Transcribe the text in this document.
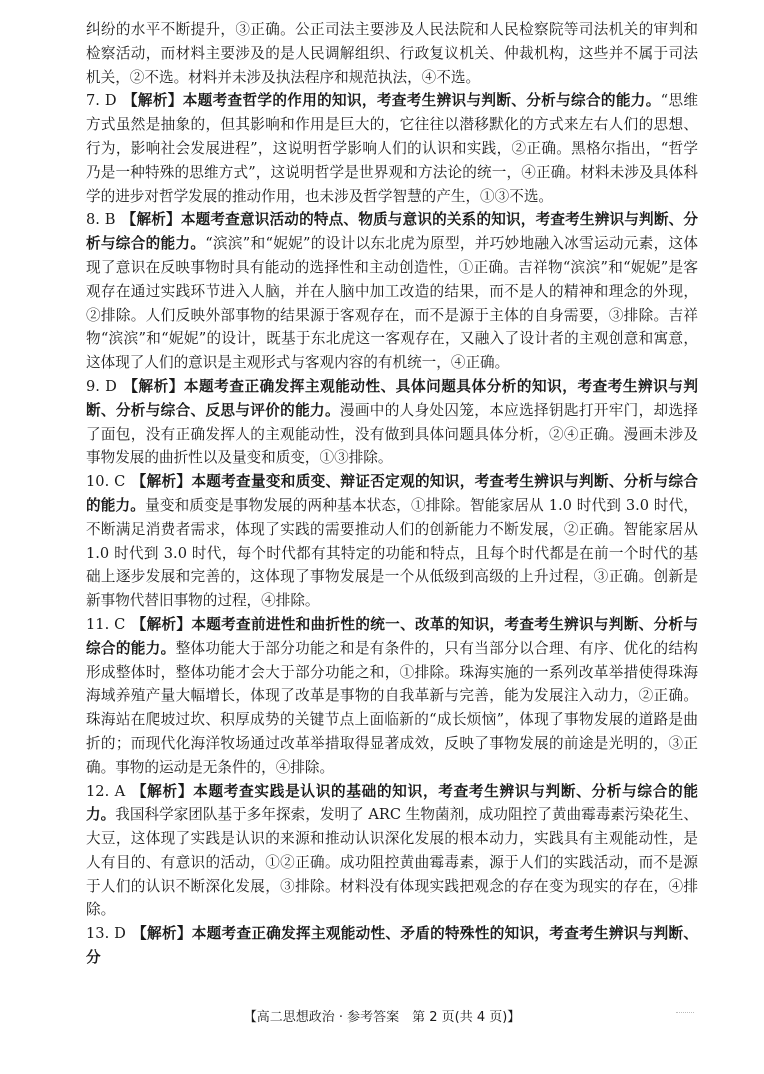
纠纷的水平不断提升，③正确。公正司法主要涉及人民法院和人民检察院等司法机关的审判和检察活动，而材料主要涉及的是人民调解组织、行政复议机关、仲裁机构，这些并不属于司法机关，②不选。材料并未涉及执法程序和规范执法，④不选。

7. D 【解析】本题考查哲学的作用的知识，考查考生辨识与判断、分析与综合的能力。“思维方式虽然是抽象的，但其影响和作用是巨大的，它往往以潜移默化的方式来左右人们的思想、行为，影响社会发展进程”，这说明哲学影响人们的认识和实践，②正确。黑格尔指出，“哲学乃是一种特殊的思维方式”，这说明哲学是世界观和方法论的统一，④正确。材料未涉及具体科学的进步对哲学发展的推动作用，也未涉及哲学智慧的产生，①③不选。

8. B 【解析】本题考查意识活动的特点、物质与意识的关系的知识，考查考生辨识与判断、分析与综合的能力。“滨滨”和“妮妮”的设计以东北虎为原型，并巧妙地融入冰雪运动元素，这体现了意识在反映事物时具有能动的选择性和主动创造性，①正确。吉祥物“滨滨”和“妮妮”是客观存在通过实践环节进入人脑，并在人脑中加工改造的结果，而不是人的精神和理念的外现，②排除。人们反映外部事物的结果源于客观存在，而不是源于主体的自身需要，③排除。吉祥物“滨滨”和“妮妮”的设计，既基于东北虎这一客观存在，又融入了设计者的主观创意和寓意，这体现了人们的意识是主观形式与客观内容的有机统一，④正确。

9. D 【解析】本题考查正确发挥主观能动性、具体问题具体分析的知识，考查考生辨识与判断、分析与综合、反思与评价的能力。漫画中的人身处囚笼，本应选择钥匙打开牢门，却选择了面包，没有正确发挥人的主观能动性，没有做到具体问题具体分析，②④正确。漫画未涉及事物发展的曲折性以及量变和质变，①③排除。

10. C 【解析】本题考查量变和质变、辩证否定观的知识，考查考生辨识与判断、分析与综合的能力。量变和质变是事物发展的两种基本状态，①排除。智能家居从 1.0 时代到 3.0 时代，不断满足消费者需求，体现了实践的需要推动人们的创新能力不断发展，②正确。智能家居从 1.0 时代到 3.0 时代，每个时代都有其特定的功能和特点，且每个时代都是在前一个时代的基础上逐步发展和完善的，这体现了事物发展是一个从低级到高级的上升过程，③正确。创新是新事物代替旧事物的过程，④排除。

11. C 【解析】本题考查前进性和曲折性的统一、改革的知识，考查考生辨识与判断、分析与综合的能力。整体功能大于部分功能之和是有条件的，只有当部分以合理、有序、优化的结构形成整体时，整体功能才会大于部分功能之和，①排除。珠海实施的一系列改革举措使得珠海海域养殖产量大幅增长，体现了改革是事物的自我革新与完善，能为发展注入动力，②正确。珠海站在爬坡过坎、积厚成势的关键节点上面临新的“成长烦恼”，体现了事物发展的道路是曲折的；而现代化海洋牧场通过改革举措取得显著成效，反映了事物发展的前途是光明的，③正确。事物的运动是无条件的，④排除。

12. A 【解析】本题考查实践是认识的基础的知识，考查考生辨识与判断、分析与综合的能力。我国科学家团队基于多年探索，发明了 ARC 生物菌剂，成功阻控了黄曲霉毒素污染花生、大豆，这体现了实践是认识的来源和推动认识深化发展的根本动力，实践具有主观能动性，是人有目的、有意识的活动，①②正确。成功阻控黄曲霉毒素，源于人们的实践活动，而不是源于人们的认识不断深化发展，③排除。材料没有体现实践把观念的存在变为现实的存在，④排除。

13. D 【解析】本题考查正确发挥主观能动性、矛盾的特殊性的知识，考查考生辨识与判断、分

【高二思想政治 · 参考答案　第 2 页(共 4 页)】
